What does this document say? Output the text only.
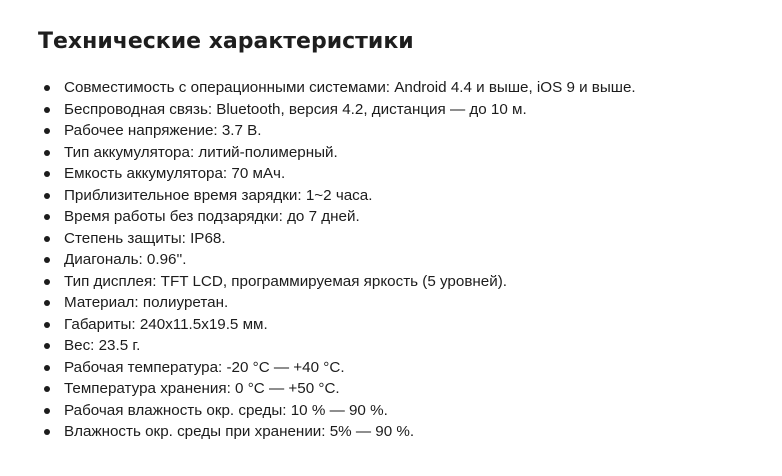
Технические характеристики
Совместимость с операционными системами: Android 4.4 и выше, iOS 9 и выше.
Беспроводная связь: Bluetooth, версия 4.2, дистанция — до 10 м.
Рабочее напряжение: 3.7 В.
Тип аккумулятора: литий-полимерный.
Емкость аккумулятора: 70 мАч.
Приблизительное время зарядки: 1~2 часа.
Время работы без подзарядки: до 7 дней.
Степень защиты: IP68.
Диагональ: 0.96''.
Тип дисплея: TFT LCD, программируемая яркость (5 уровней).
Материал: полиуретан.
Габариты: 240x11.5x19.5 мм.
Вес: 23.5 г.
Рабочая температура: -20 °C — +40 °C.
Температура хранения: 0 °C — +50 °C.
Рабочая влажность окр. среды: 10 % — 90 %.
Влажность окр. среды при хранении: 5% — 90 %.
